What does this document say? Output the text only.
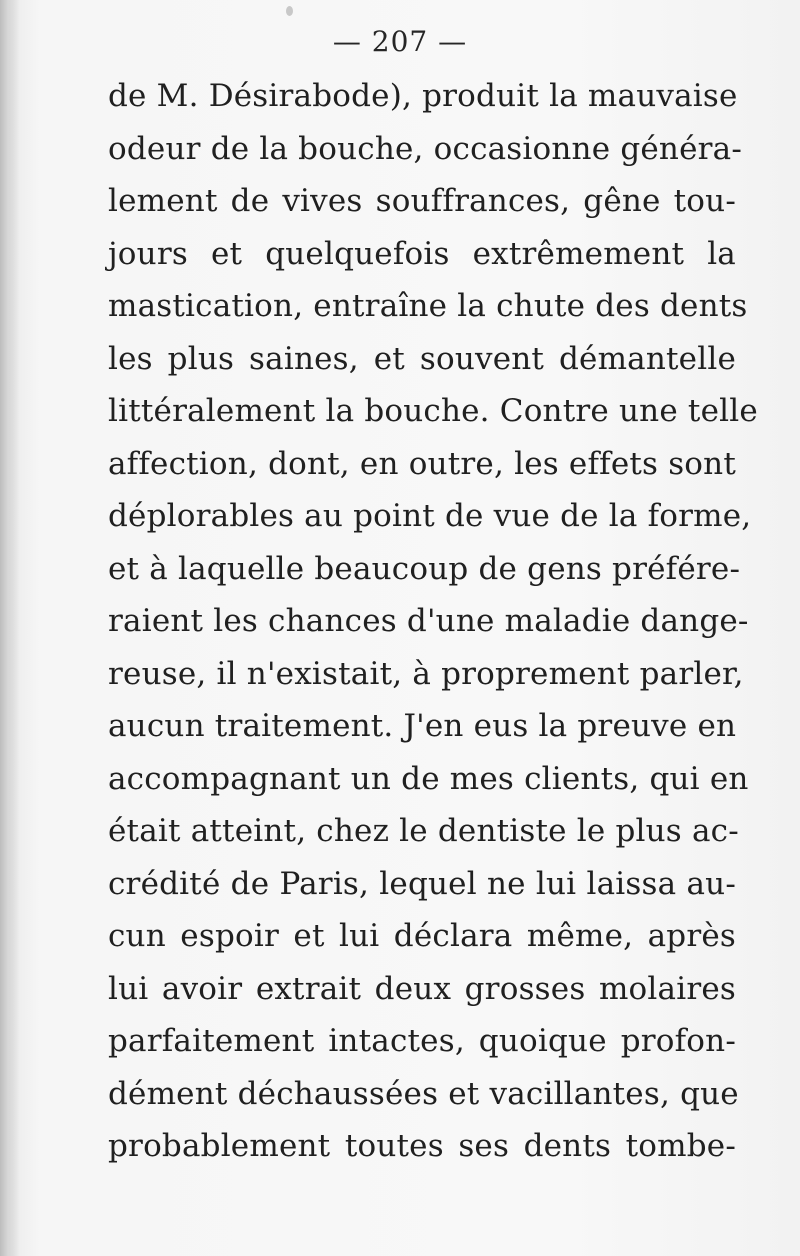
— 207 —
de M. Désirabode), produit la mauvaise
odeur de la bouche, occasionne généra-
lement de vives souffrances, gêne tou-
jours et quelquefois extrêmement la
mastication, entraîne la chute des dents
les plus saines, et souvent démantelle
littéralement la bouche. Contre une telle
affection, dont, en outre, les effets sont
déplorables au point de vue de la forme,
et à laquelle beaucoup de gens préfére-
raient les chances d'une maladie dange-
reuse, il n'existait, à proprement parler,
aucun traitement. J'en eus la preuve en
accompagnant un de mes clients, qui en
était atteint, chez le dentiste le plus ac-
crédité de Paris, lequel ne lui laissa au-
cun espoir et lui déclara même, après
lui avoir extrait deux grosses molaires
parfaitement intactes, quoique profon-
dément déchaussées et vacillantes, que
probablement toutes ses dents tombe-
